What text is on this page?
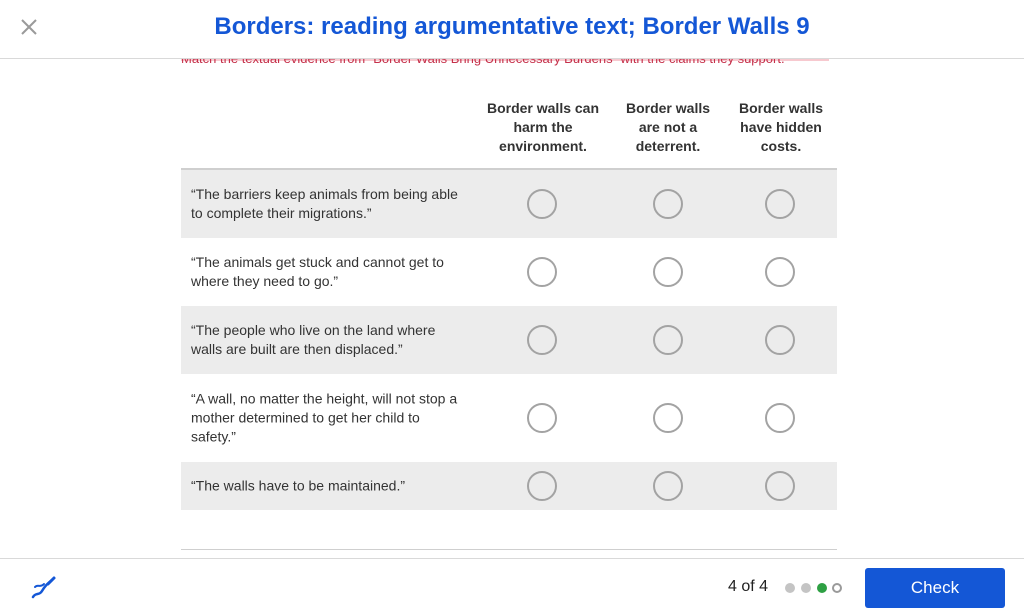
Borders: reading argumentative text; Border Walls 9
Border walls can harm the environment.
Border walls are not a deterrent.
Border walls have hidden costs.
“The barriers keep animals from being able to complete their migrations.”
“The animals get stuck and cannot get to where they need to go.”
“The people who live on the land where walls are built are then displaced.”
“A wall, no matter the height, will not stop a mother determined to get her child to safety.”
“The walls have to be maintained.”
4 of 4	Check
